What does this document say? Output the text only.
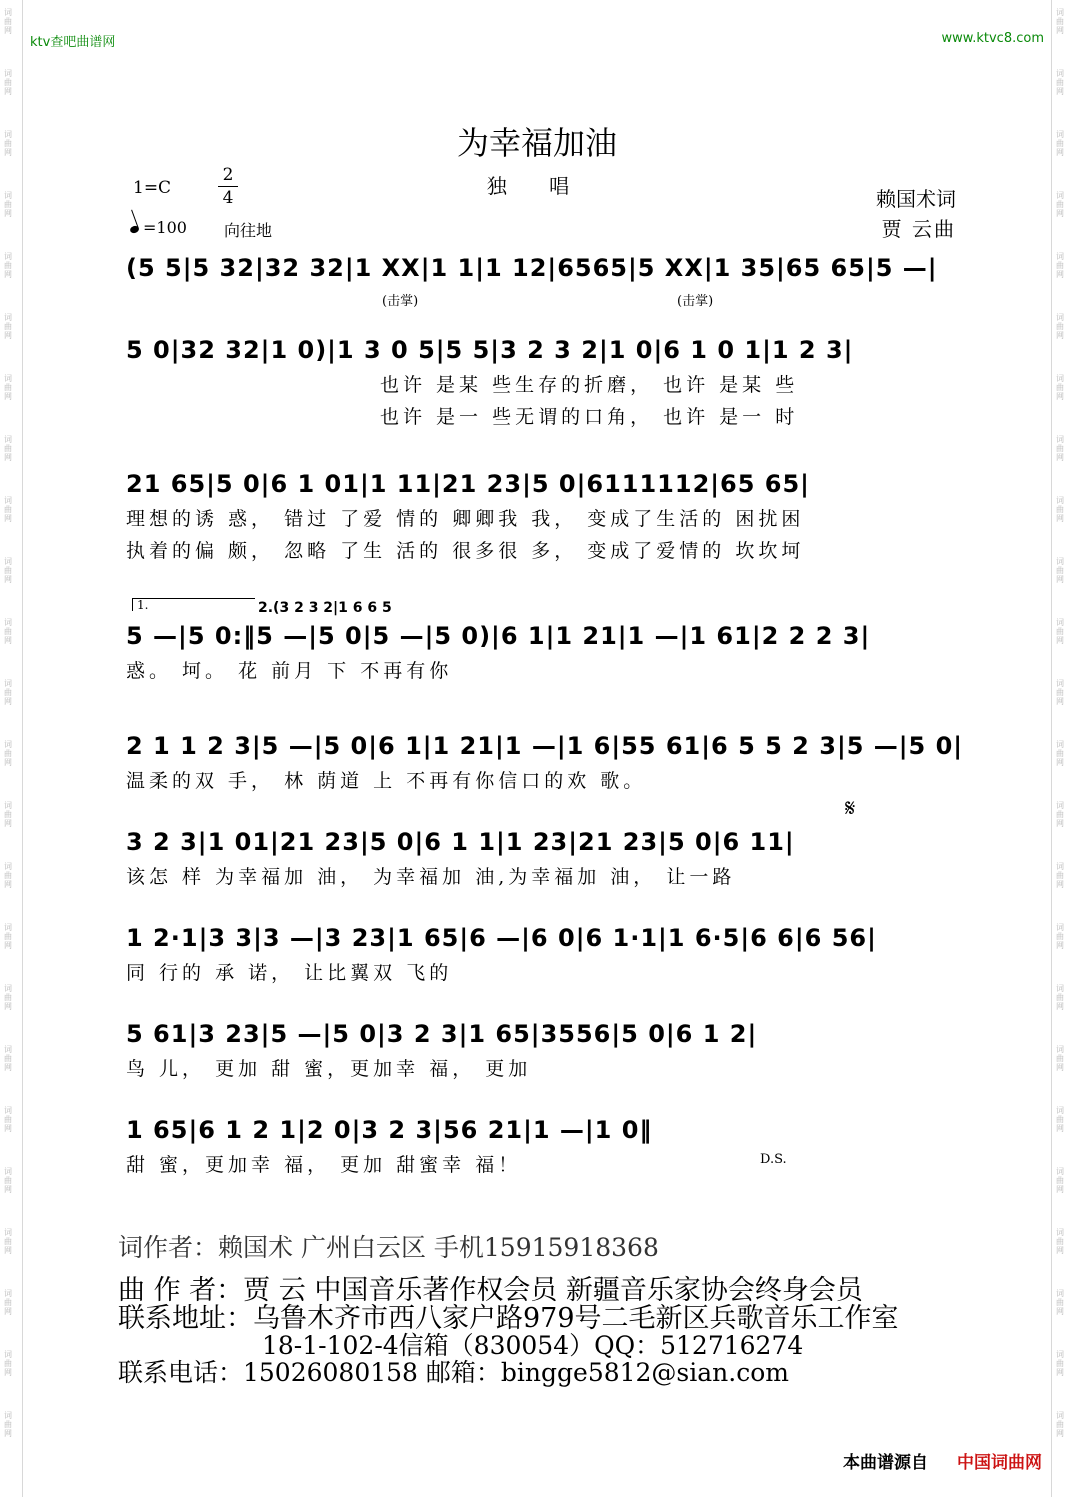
词曲网
词曲网
词曲网
词曲网
词曲网
词曲网
词曲网
词曲网
词曲网
词曲网
词曲网
词曲网
词曲网
词曲网
词曲网
词曲网
词曲网
词曲网
词曲网
词曲网
词曲网
词曲网
词曲网
词曲网
词曲网
词曲网
词曲网
词曲网
词曲网
词曲网
词曲网
词曲网
词曲网
词曲网
词曲网
词曲网
词曲网
词曲网
词曲网
词曲网
词曲网
词曲网
词曲网
词曲网
词曲网
词曲网
词曲网
词曲网
ktv查吧曲谱网	www.ktvc8.com
为幸福加油
独 唱
1=C
2
4
=100 向往地
赖国术词
贾 云曲
(击掌)	(击掌)
1.	2.(3 2 3 2|1 6 6 5
𝄋
D.S.
(5 5|5 32|32 32|1 XX|1 1|1 12|6565|5 XX|1 35|65 65|5 —|
5 0|32 32|1 0)|1 3 0 5|5 5|3 2 3 2|1 0|6 1 0 1|1 2 3|
也许 是某 些生存的折磨， 也许 是某 些
也许 是一 些无谓的口角， 也许 是一 时
21 65|5 0|6 1 01|1 11|21 23|5 0|6111112|65 65|
理想的诱 惑， 错过 了爱 情的 卿卿我 我， 变成了生活的 困扰困
执着的偏 颇， 忽略 了生 活的 很多很 多， 变成了爱情的 坎坎坷
5 —|5 0:‖5 —|5 0|5 —|5 0)|6 1|1 21|1 —|1 61|2 2 2 3|
惑。 坷。 花 前月 下 不再有你
2 1 1 2 3|5 —|5 0|6 1|1 21|1 —|1 6|55 61|6 5 5 2 3|5 —|5 0|
温柔的双 手， 林 荫道 上 不再有你信口的欢 歌。
3 2 3|1 01|21 23|5 0|6 1 1|1 23|21 23|5 0|6 11|
该怎 样 为幸福加 油， 为幸福加 油,为幸福加 油， 让一路
1 2·1|3 3|3 —|3 23|1 65|6 —|6 0|6 1·1|1 6·5|6 6|6 56|
同 行的 承 诺， 让比翼双 飞的
5 61|3 23|5 —|5 0|3 2 3|1 65|3556|5 0|6 1 2|
鸟 儿， 更加 甜 蜜，更加幸 福， 更加
1 65|6 1 2 1|2 0|3 2 3|56 21|1 —|1 0‖
甜 蜜，更加幸 福， 更加 甜蜜幸 福！
词作者：赖国术 广州白云区 手机15915918368
曲 作 者：贾 云 中国音乐著作权会员 新疆音乐家协会终身会员
联系地址：乌鲁木齐市西八家户路979号二毛新区兵歌音乐工作室
18-1-102-4信箱（830054）QQ：512716274
联系电话：15026080158 邮箱：bingge5812@sian.com
本曲谱源自 中国词曲网
